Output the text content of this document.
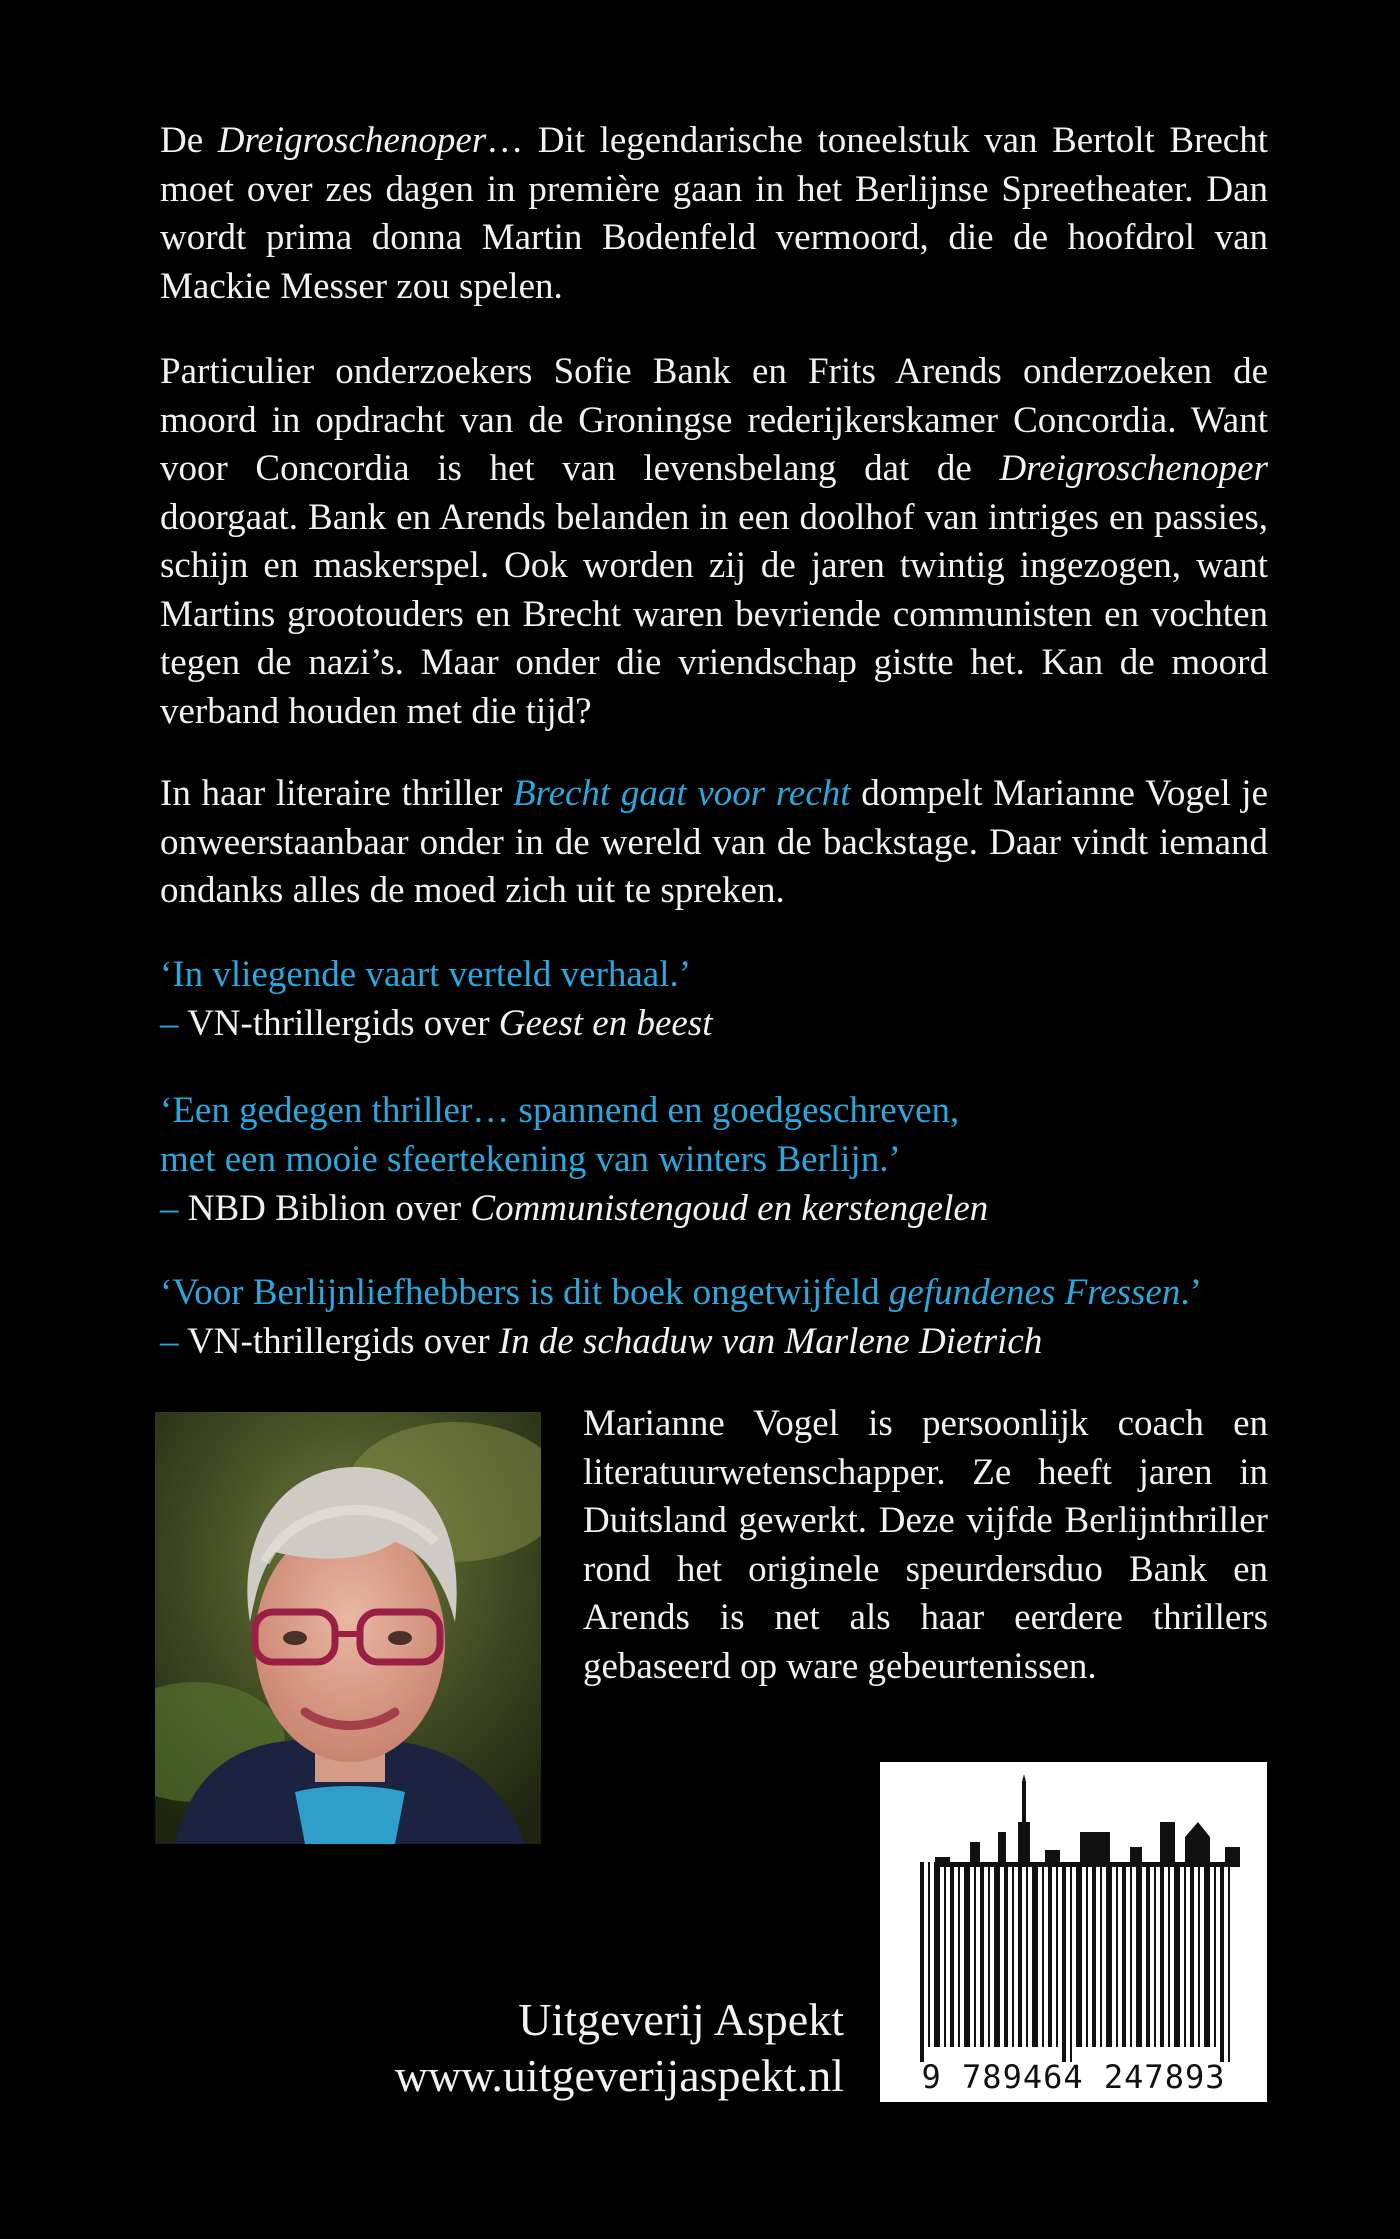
De Dreigroschenoper… Dit legendarische toneelstuk van Bertolt Brecht moet over zes dagen in première gaan in het Berlijnse Spreetheater. Dan wordt prima donna Martin Bodenfeld vermoord, die de hoofdrol van Mackie Messer zou spelen.

Particulier onderzoekers Sofie Bank en Frits Arends onderzoeken de moord in opdracht van de Groningse rederijkerskamer Concordia. Want voor Concordia is het van levensbelang dat de Dreigroschenoper doorgaat. Bank en Arends belanden in een doolhof van intriges en passies, schijn en maskerspel. Ook worden zij de jaren twintig ingezogen, want Martins grootouders en Brecht waren bevriende communisten en vochten tegen de nazi’s. Maar onder die vriendschap gistte het. Kan de moord verband houden met die tijd?

In haar literaire thriller Brecht gaat voor recht dompelt Marianne Vogel je onweerstaanbaar onder in de wereld van de backstage. Daar vindt iemand ondanks alles de moed zich uit te spreken.

‘In vliegende vaart verteld verhaal.’
– VN-thrillergids over Geest en beest
‘Een gedegen thriller… spannend en goedgeschreven,
met een mooie sfeertekening van winters Berlijn.’
– NBD Biblion over Communistengoud en kerstengelen
‘Voor Berlijnliefhebbers is dit boek ongetwijfeld gefundenes Fressen.’
– VN-thrillergids over In de schaduw van Marlene Dietrich

Marianne Vogel is persoonlijk coach en literatuurwetenschapper. Ze heeft jaren in Duitsland gewerkt. Deze vijfde Berlijnthriller rond het originele speurdersduo Bank en Arends is net als haar eerdere thrillers gebaseerd op ware gebeurtenissen.

9 789464 247893
Uitgeverij Aspekt
www.uitgeverijaspekt.nl
